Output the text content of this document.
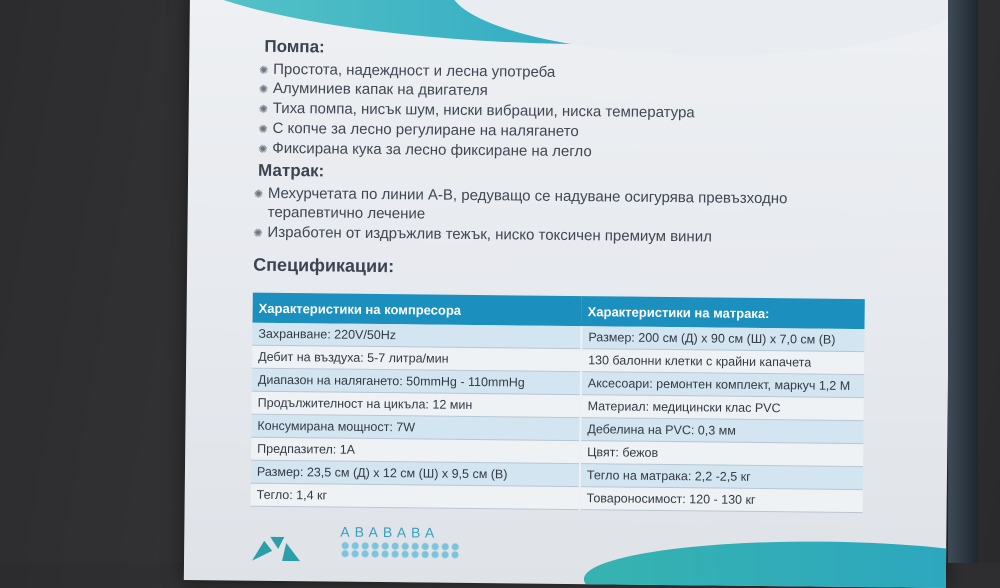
Помпа:
✺ Простота, надеждност и лесна употреба
✺ Алуминиев капак на двигателя
✺ Тиха помпа, нисък шум, ниски вибрации, ниска температура
✺ С копче за лесно регулиране на налягането
✺ Фиксирана кука за лесно фиксиране на легло
Матрак:
✺ Мехурчетата по линии A-B, редуващо се надуване осигурява превъзходно
терапевтично лечение
✺ Изработен от издръжлив тежък, ниско токсичен премиум винил
Спецификации:
Характеристики на компресора	Характеристики на матрака:
Захранване: 220V/50Hz	Размер: 200 см (Д) х 90 см (Ш) х 7,0 см (В)
Дебит на въздуха: 5-7 литра/мин	130 балонни клетки с крайни капачета
Диапазон на налягането: 50mmHg - 110mmHg	Аксесоари: ремонтен комплект, маркуч 1,2 М
Продължителност на цикъла: 12 мин	Материал: медицински клас PVC
Консумирана мощност: 7W	Дебелина на PVC: 0,3 мм
Предпазител: 1А	Цвят: бежов
Размер: 23,5 см (Д) х 12 см (Ш) х 9,5 см (В)	Тегло на матрака: 2,2 -2,5 кг
Тегло: 1,4 кг	Товароносимост: 120 - 130 кг
АВАВАВА
